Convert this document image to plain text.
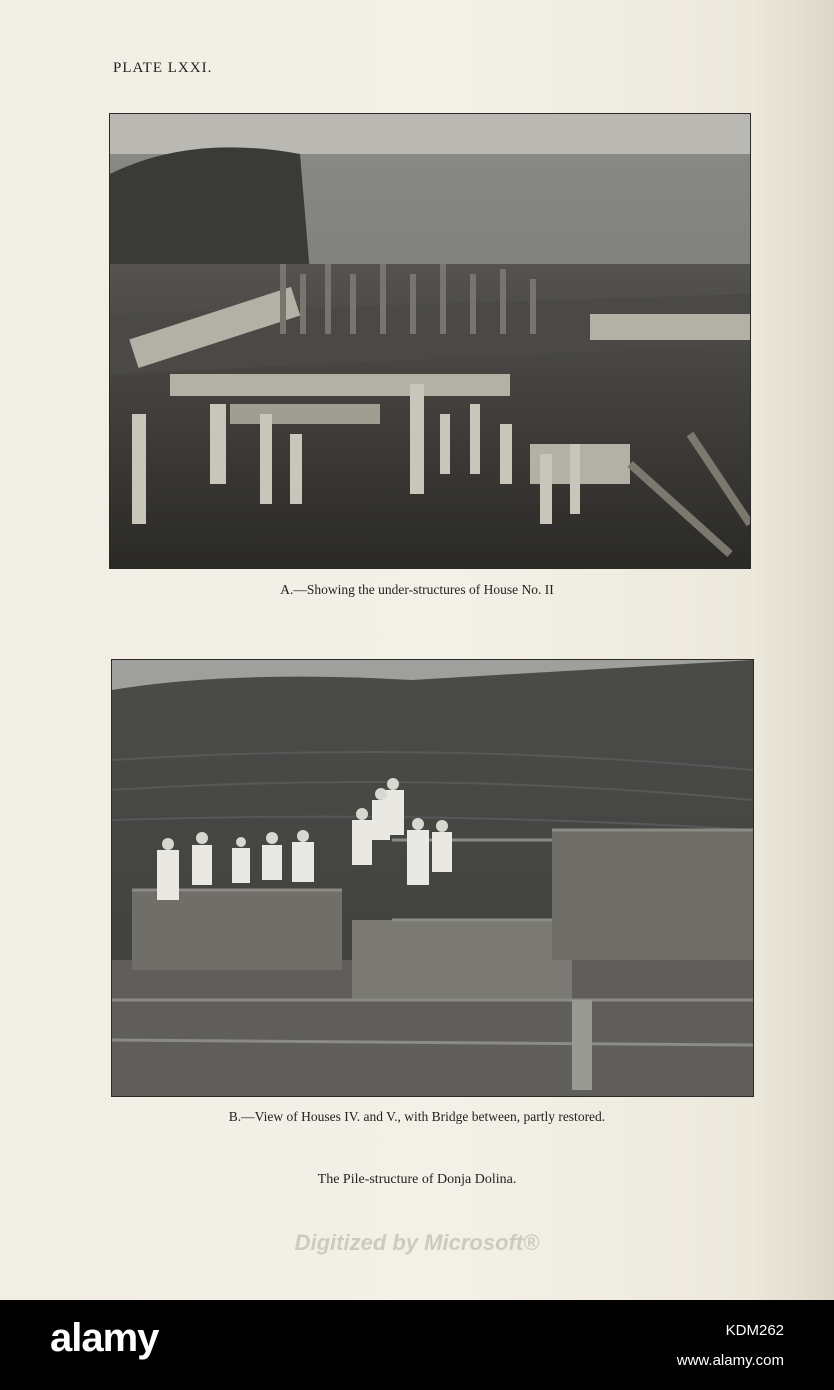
PLATE LXXI.
A.—Showing the under-structures of House No. II
B.—View of Houses IV. and V., with Bridge between, partly restored.
The Pile-structure of Donja Dolina.
Digitized by Microsoft®
alamy	KDM262
www.alamy.com
